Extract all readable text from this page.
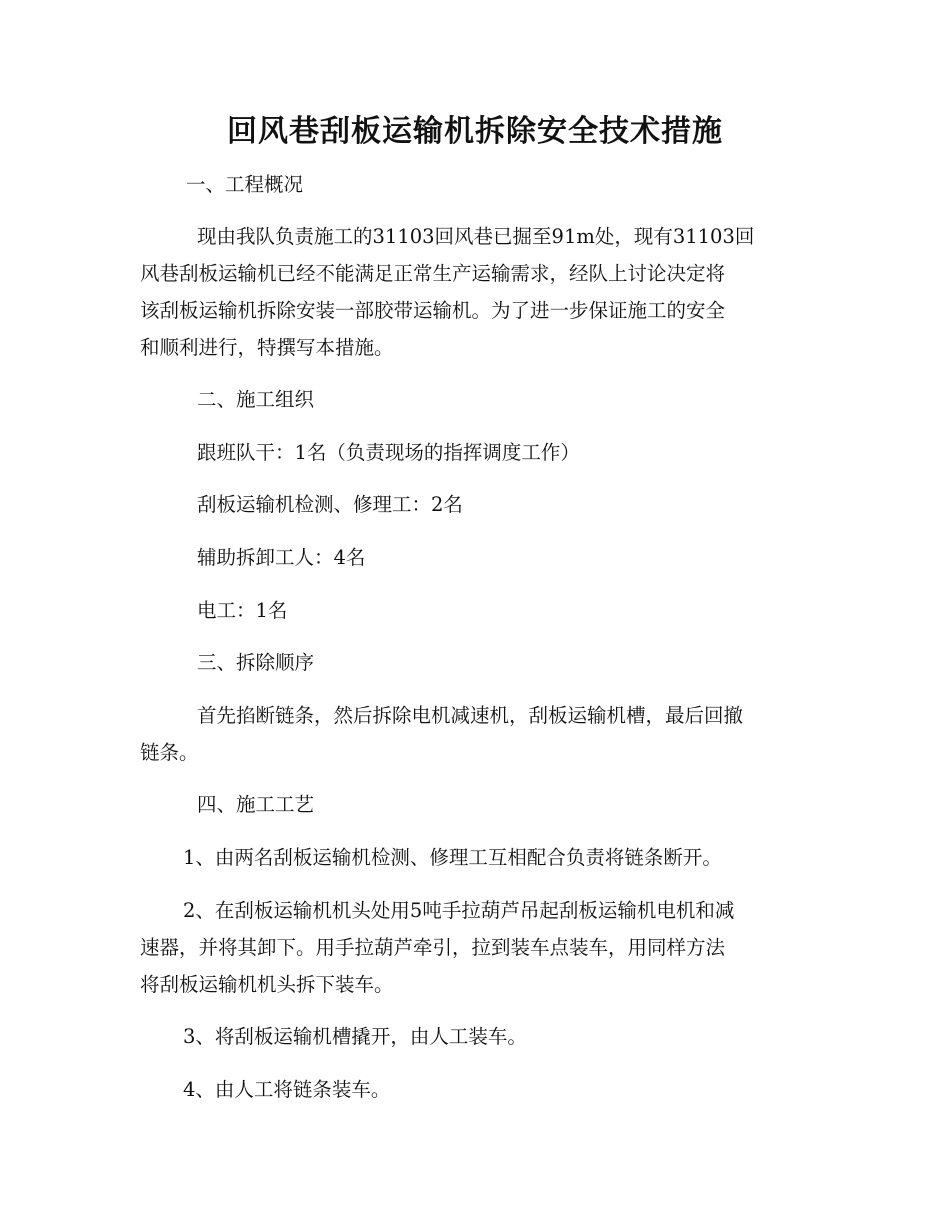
回风巷刮板运输机拆除安全技术措施

一、工程概况

现由我队负责施工的31103回风巷已掘至91m处，现有31103回

风巷刮板运输机已经不能满足正常生产运输需求，经队上讨论决定将
该刮板运输机拆除安装一部胶带运输机。为了进一步保证施工的安全
和顺利进行，特撰写本措施。

二、施工组织

跟班队干：1名（负责现场的指挥调度工作）

刮板运输机检测、修理工：2名

辅助拆卸工人：4名

电工：1名

三、拆除顺序

首先掐断链条，然后拆除电机减速机，刮板运输机槽，最后回撤

链条。

四、施工工艺

1、由两名刮板运输机检测、修理工互相配合负责将链条断开。

2、在刮板运输机机头处用5吨手拉葫芦吊起刮板运输机电机和减

速器，并将其卸下。用手拉葫芦牵引，拉到装车点装车，用同样方法

将刮板运输机机头拆下装车。

3、将刮板运输机槽撬开，由人工装车。

4、由人工将链条装车。
